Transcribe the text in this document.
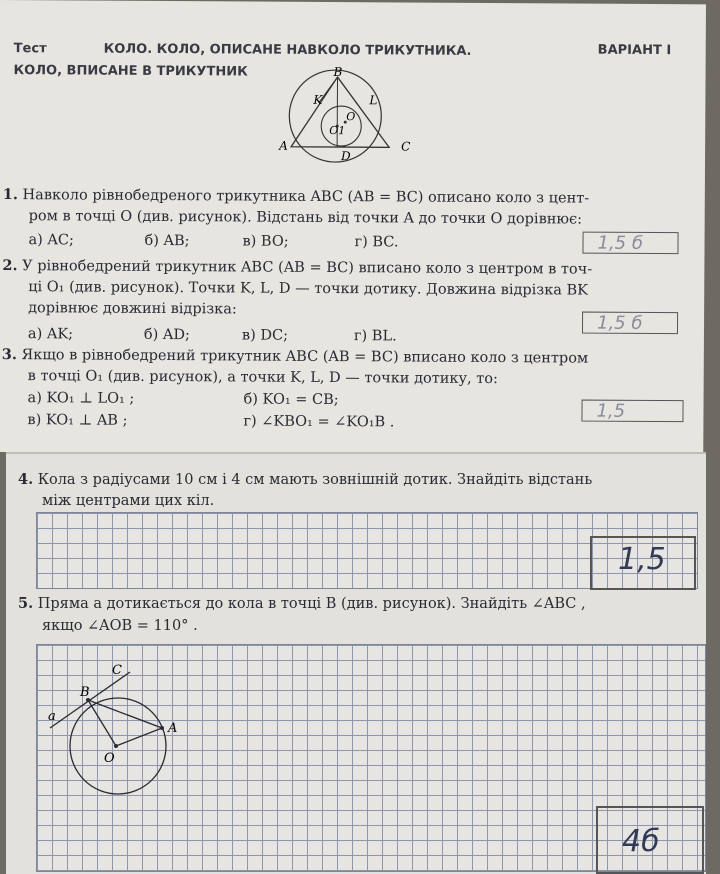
Тест	КОЛО. КОЛО, ОПИСАНЕ НАВКОЛО ТРИКУТНИКА.
КОЛО, ВПИСАНЕ В ТРИКУТНИК
ВАРІАНТ І
B
K	L
O
O1
A
D
C
1. Навколо рівнобедреного трикутника ABC (AB = BC) описано коло з цент-
ром в точці O (див. рисунок). Відстань від точки A до точки O дорівнює:
а) AC;	б) AB;	в) BO;	г) BC.	1,5 б
2. У рівнобедрений трикутник ABC (AB = BC) вписано коло з центром в точ-
ці O₁ (див. рисунок). Точки K, L, D — точки дотику. Довжина відрізка BK
дорівнює довжині відрізка:
а) AK;	б) AD;	в) DC;	г) BL.
1,5 б
3. Якщо в рівнобедрений трикутник ABC (AB = BC) вписано коло з центром
в точці O₁ (див. рисунок), а точки K, L, D — точки дотику, то:
а) KO₁ ⊥ LO₁ ;	б) KO₁ = CB;
в) KO₁ ⊥ AB ;	г) ∠KBO₁ = ∠KO₁B .
1,5
4. Кола з радіусами 10 см і 4 см мають зовнішній дотик. Знайдіть відстань
між центрами цих кіл.
1,5
5. Пряма a дотикається до кола в точці B (див. рисунок). Знайдіть ∠ABC ,
якщо ∠AOB = 110° .
C
B
a
A
O
4б
